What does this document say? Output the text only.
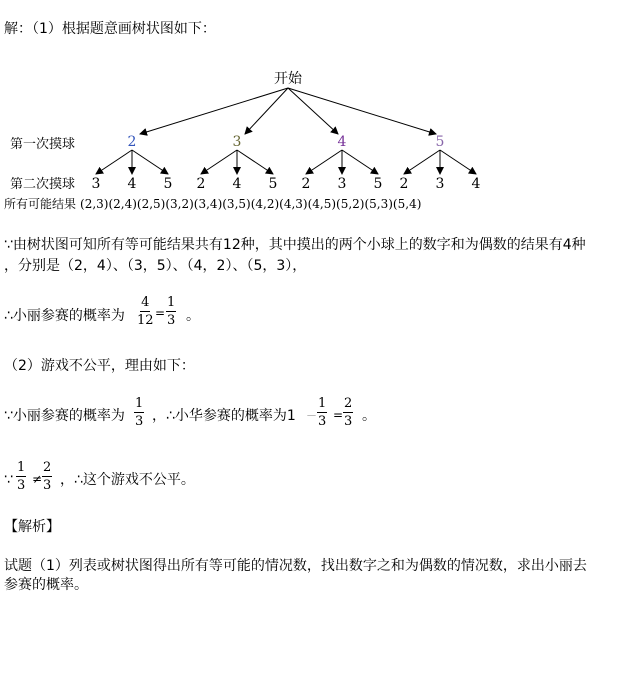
解：（1）根据题意画树状图如下：
开始
2	3	4	5
3 4 5 2 4 5 2 3 5 2 3 4
第一次摸球
第二次摸球
所有可能结果 (2,3)(2,4)(2,5)(3,2)(3,4)(3,5)(4,2)(4,3)(4,5)(5,2)(5,3)(5,4)
∵由树状图可知所有等可能结果共有12种，其中摸出的两个小球上的数字和为偶数的结果有4种
，分别是（2，4）、（3，5）、（4，2）、（5，3），
∴小丽参赛的概率为 $\frac{4}{12} = \frac{1}{3}$ 。
（2）游戏不公平，理由如下：
∵小丽参赛的概率为 $\frac{1}{3}$ ，∴小华参赛的概率为$1 - \frac{1}{3} = \frac{2}{3}$ 。
∵ $\frac{1}{3} \ne \frac{2}{3}$ ，∴这个游戏不公平。
【解析】
试题（1）列表或树状图得出所有等可能的情况数，找出数字之和为偶数的情况数，求出小丽去
参赛的概率。
